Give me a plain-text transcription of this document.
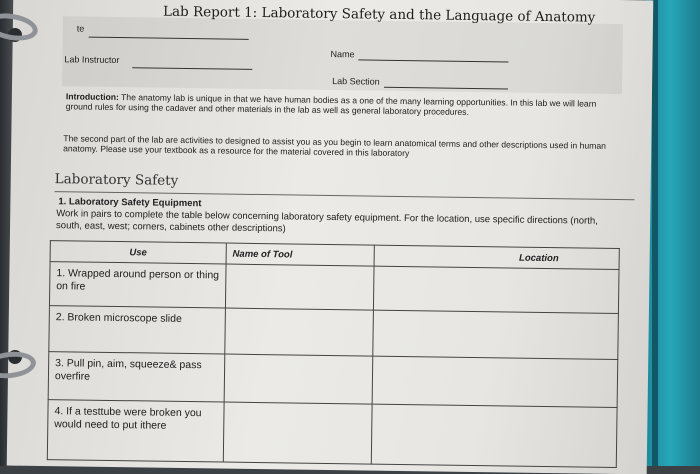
Lab Report 1: Laboratory Safety and the Language of Anatomy
te
Name
Lab Instructor
Lab Section
Introduction: The anatomy lab is unique in that we have human bodies as a one of the many learning opportunities. In this lab we will learn ground rules for using the cadaver and other materials in the lab as well as general laboratory procedures.
The second part of the lab are activities to designed to assist you as you begin to learn anatomical terms and other descriptions used in human anatomy. Please use your textbook as a resource for the material covered in this laboratory
Laboratory Safety
1. Laboratory Safety Equipment
Work in pairs to complete the table below concerning laboratory safety equipment. For the location, use specific directions (north, south, east, west; corners, cabinets other descriptions)
Use	Name of Tool	Location
1. Wrapped around person or thing on fire		
2. Broken microscope slide		
3. Pull pin, aim, squeeze& pass overfire		
4. If a testtube were broken you would need to put ithere		
